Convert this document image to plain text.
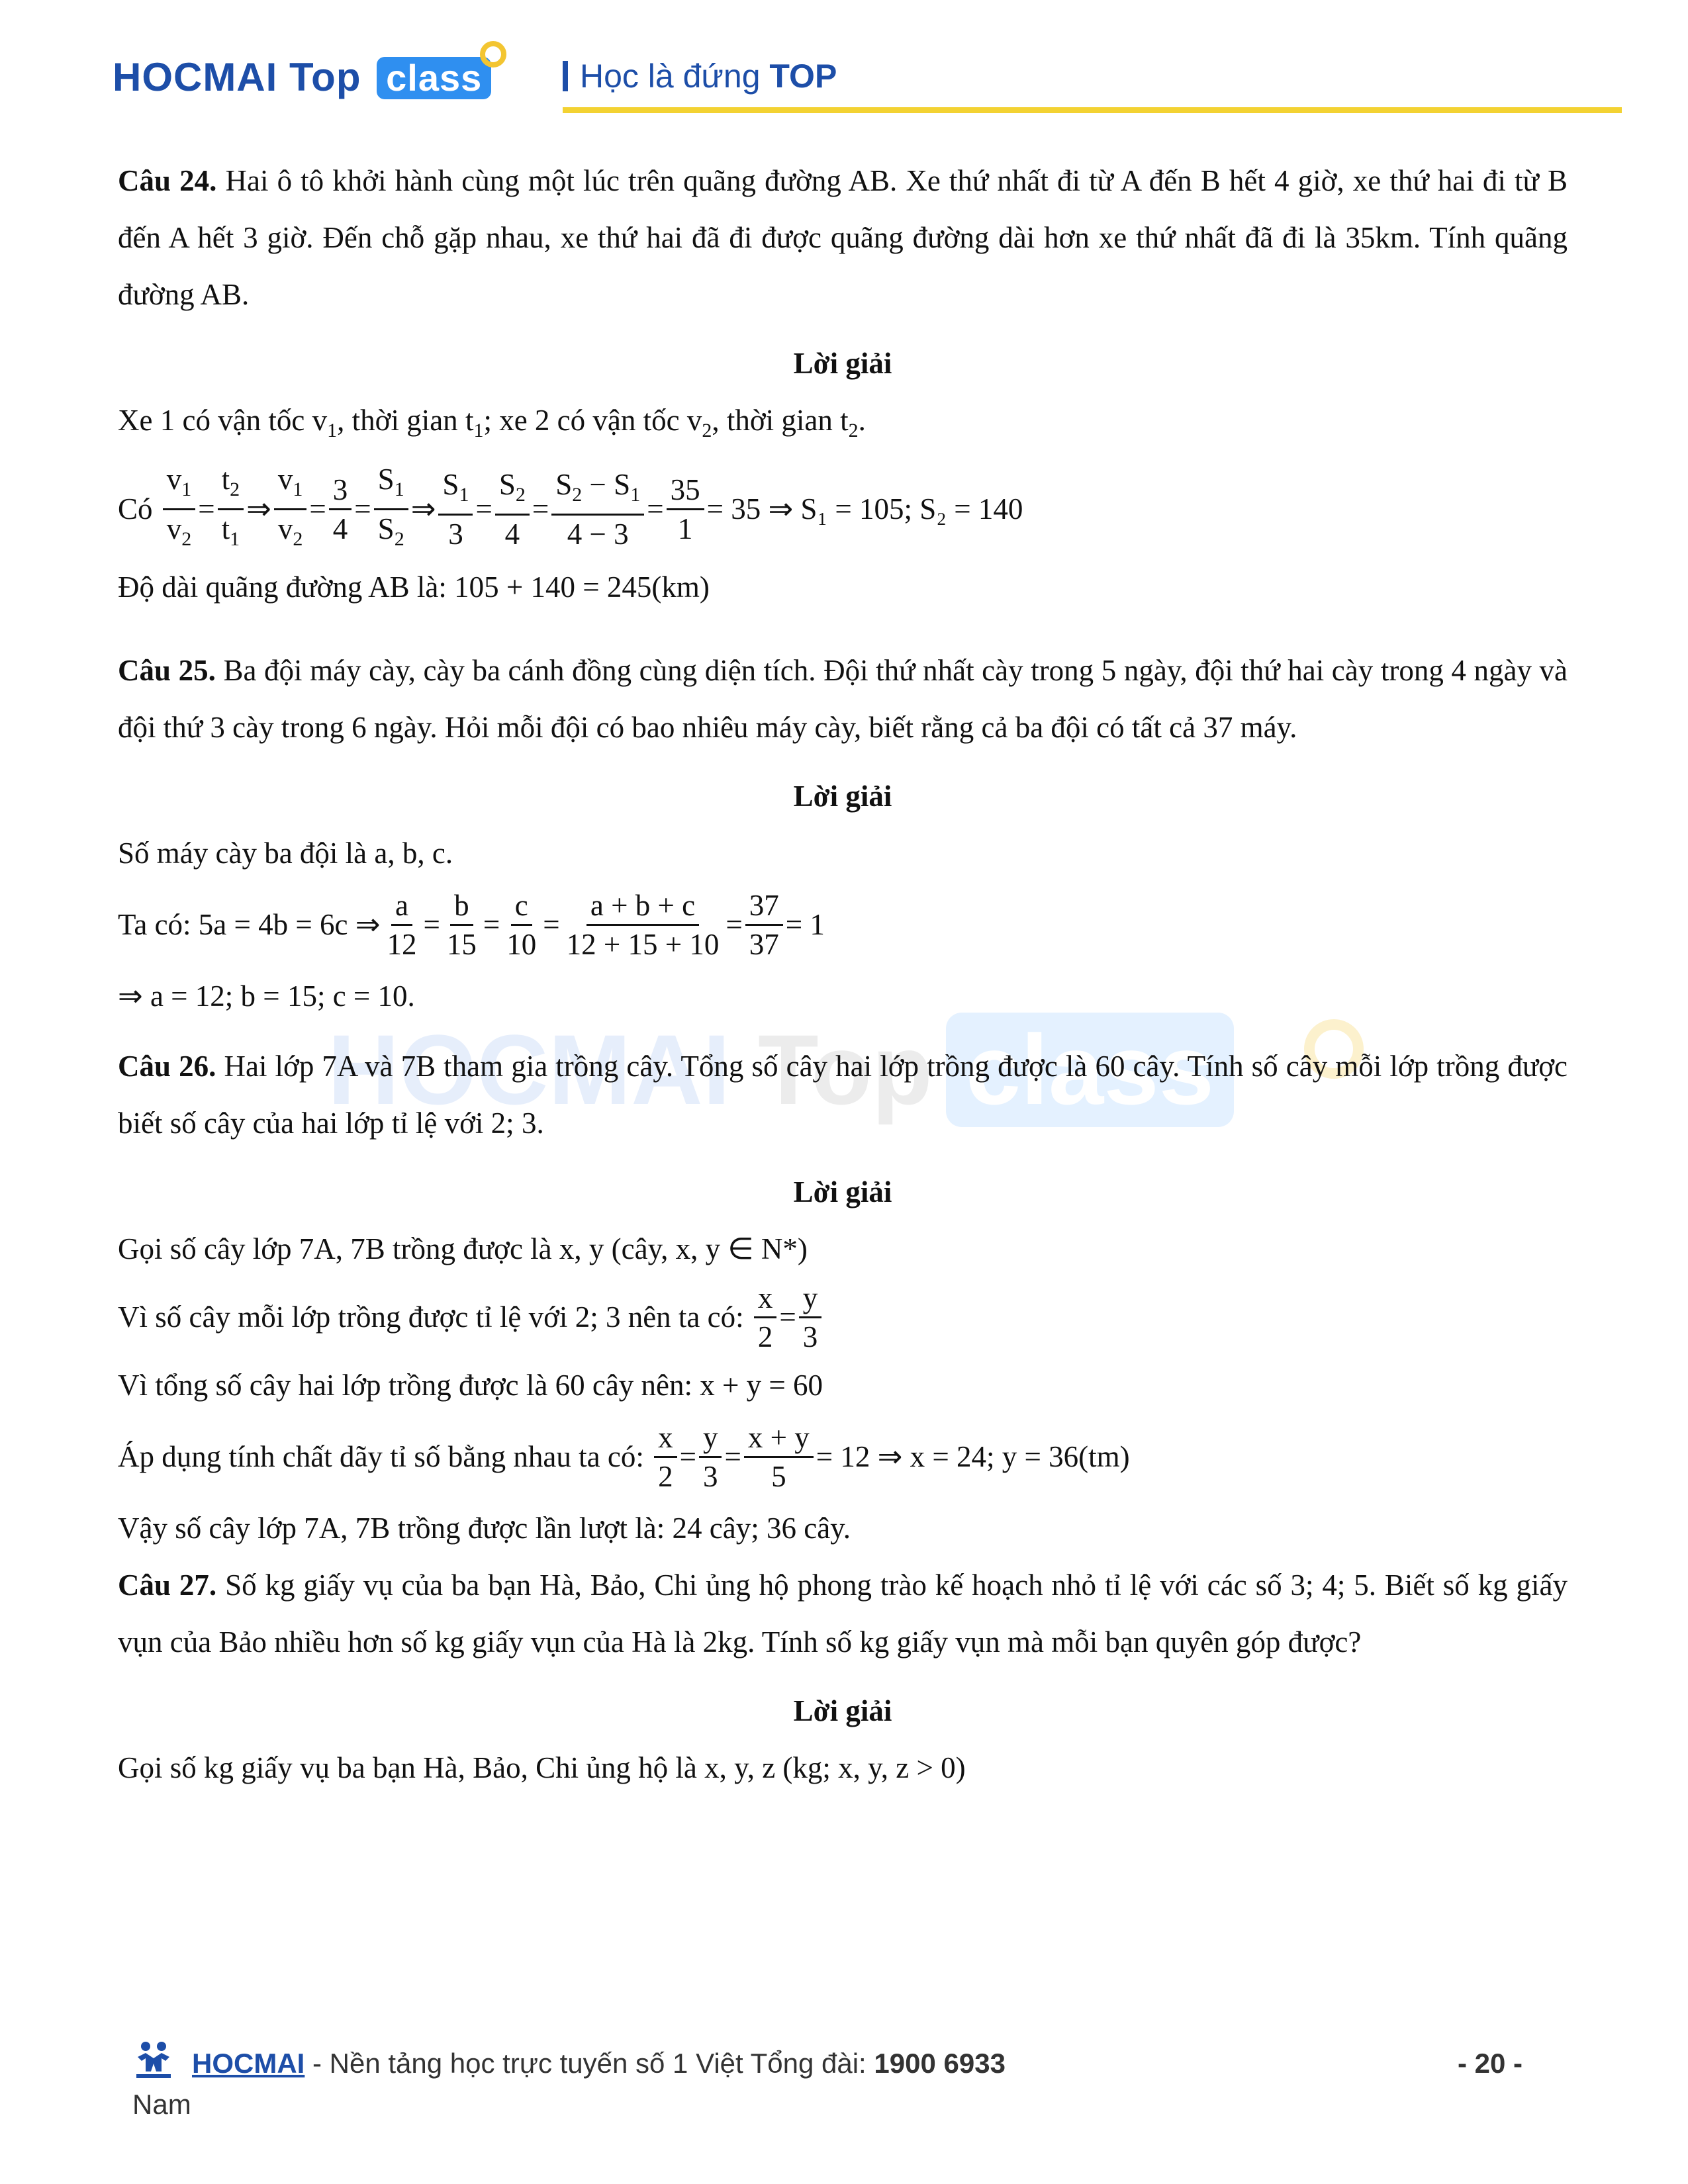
HOCMAI Top class	Học là đứng TOP
HOCMAI Top class

Câu 24. Hai ô tô khởi hành cùng một lúc trên quãng đường AB. Xe thứ nhất đi từ A đến B hết 4 giờ, xe thứ hai đi từ B đến A hết 3 giờ. Đến chỗ gặp nhau, xe thứ hai đã đi được quãng đường dài hơn xe thứ nhất đã đi là 35km. Tính quãng đường AB.

Lời giải

Xe 1 có vận tốc $v_1$, thời gian $t_1$; xe 2 có vận tốc $v_2$, thời gian $t_2$.

Có
$\frac{v_1}{v_2} = \frac{t_2}{t_1}$ ⇒ $\frac{v_1}{v_2} = \frac{3}{4} = \frac{S_1}{S_2}$ ⇒ $\frac{S_1}{3} = \frac{S_2}{4} = \frac{S_2 - S_1}{4 - 3} = \frac{35}{1} = 35$ ⇒ S₁ = 105; S₂ = 140

Độ dài quãng đường AB là: 105 + 140 = 245(km)

Câu 25. Ba đội máy cày, cày ba cánh đồng cùng diện tích. Đội thứ nhất cày trong 5 ngày, đội thứ hai cày trong 4 ngày và đội thứ 3 cày trong 6 ngày. Hỏi mỗi đội có bao nhiêu máy cày, biết rằng cả ba đội có tất cả 37 máy.

Lời giải

Số máy cày ba đội là a, b, c.

Ta có:
5a = 4b = 6c ⇒ $\frac{a}{12} = \frac{b}{15} = \frac{c}{10} = \frac{a + b + c}{12 + 15 + 10} = \frac{37}{37} = 1$

⇒ a = 12; b = 15; c = 10.

Câu 26. Hai lớp 7A và 7B tham gia trồng cây. Tổng số cây hai lớp trồng được là 60 cây. Tính số cây mỗi lớp trồng được biết số cây của hai lớp tỉ lệ với 2; 3.

Lời giải

Gọi số cây lớp 7A, 7B trồng được là x, y (cây, x, y ∈ N*)

Vì số cây mỗi lớp trồng được tỉ lệ với 2; 3 nên ta có:
$\frac{x}{2} = \frac{y}{3}$

Vì tổng số cây hai lớp trồng được là 60 cây nên: x + y = 60

Áp dụng tính chất dãy tỉ số bằng nhau ta có:
$\frac{x}{2} = \frac{y}{3} = \frac{x + y}{5} = 12$ ⇒ x = 24; y = 36(tm)

Vậy số cây lớp 7A, 7B trồng được lần lượt là: 24 cây; 36 cây.

Câu 27. Số kg giấy vụ của ba bạn Hà, Bảo, Chi ủng hộ phong trào kế hoạch nhỏ tỉ lệ với các số 3; 4; 5. Biết số kg giấy vụn của Bảo nhiều hơn số kg giấy vụn của Hà là 2kg. Tính số kg giấy vụn mà mỗi bạn quyên góp được?

Lời giải

Gọi số kg giấy vụ ba bạn Hà, Bảo, Chi ủng hộ là x, y, z (kg; x, y, z > 0)

HOCMAI - Nền tảng học trực tuyến số 1 Việt Tổng đài: 1900 6933
Nam
- 20 -
